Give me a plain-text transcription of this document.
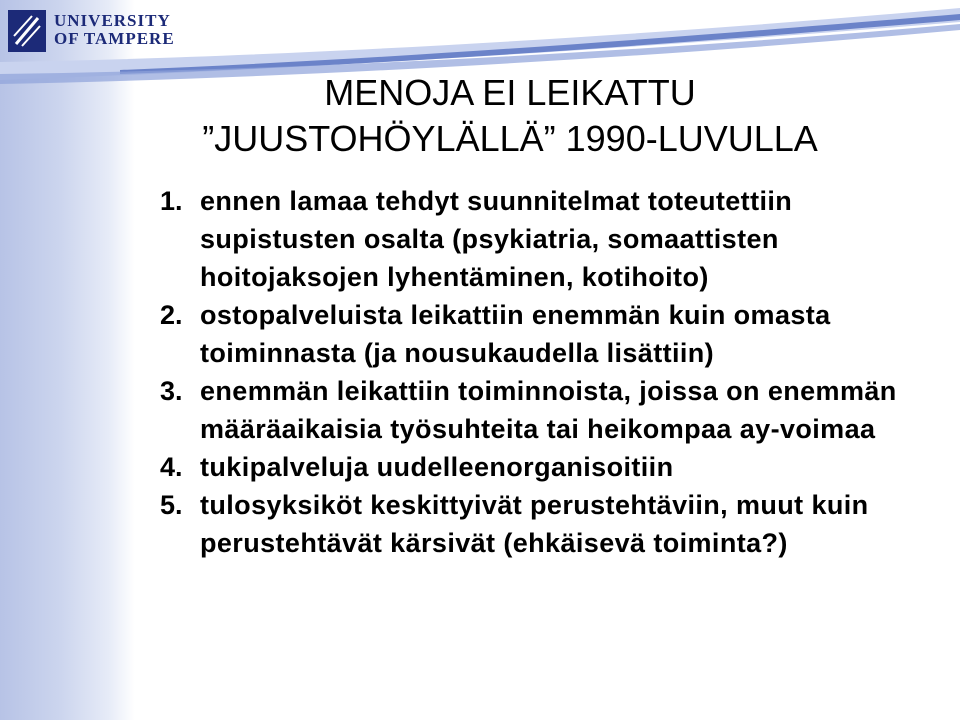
UNIVERSITY
OF TAMPERE
MENOJA EI LEIKATTU
”JUUSTOHÖYLÄLLÄ” 1990-LUVULLA
1. ennen lamaa tehdyt suunnitelmat toteutettiin supistusten osalta (psykiatria, somaattisten hoitojaksojen lyhentäminen, kotihoito)
2. ostopalveluista leikattiin enemmän kuin omasta toiminnasta (ja nousukaudella lisättiin)
3. enemmän leikattiin toiminnoista, joissa on enemmän määräaikaisia työsuhteita tai heikompaa ay-voimaa
4. tukipalveluja uudelleenorganisoitiin
5. tulosyksiköt keskittyivät perustehtäviin, muut kuin perustehtävät kärsivät (ehkäisevä toiminta?)
